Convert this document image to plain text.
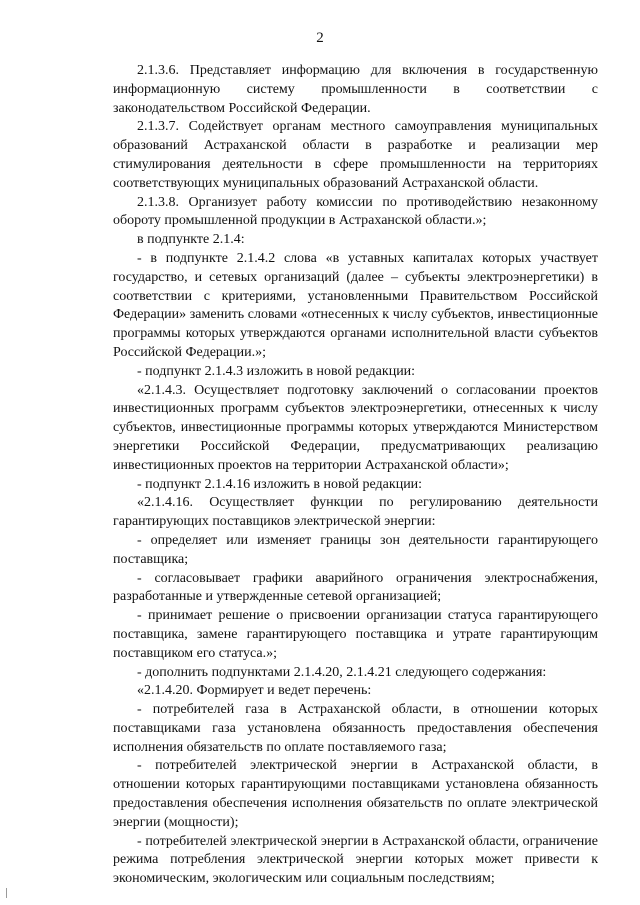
2

2.1.3.6. Представляет информацию для включения в государственную информационную систему промышленности в соответствии с законодательством Российской Федерации.

2.1.3.7. Содействует органам местного самоуправления муниципальных образований Астраханской области в разработке и реализации мер стимулирования деятельности в сфере промышленности на территориях соответствующих муниципальных образований Астраханской области.

2.1.3.8. Организует работу комиссии по противодействию незаконному обороту промышленной продукции в Астраханской области.»;

в подпункте 2.1.4:

- в подпункте 2.1.4.2 слова «в уставных капиталах которых участвует государство, и сетевых организаций (далее – субъекты электроэнергетики) в соответствии с критериями, установленными Правительством Российской Федерации» заменить словами «отнесенных к числу субъектов, инвестиционные программы которых утверждаются органами исполнительной власти субъектов Российской Федерации.»;

- подпункт 2.1.4.3 изложить в новой редакции:

«2.1.4.3. Осуществляет подготовку заключений о согласовании проектов инвестиционных программ субъектов электроэнергетики, отнесенных к числу субъектов, инвестиционные программы которых утверждаются Министерством энергетики Российской Федерации, предусматривающих реализацию инвестиционных проектов на территории Астраханской области»;

- подпункт 2.1.4.16 изложить в новой редакции:

«2.1.4.16. Осуществляет функции по регулированию деятельности гарантирующих поставщиков электрической энергии:

- определяет или изменяет границы зон деятельности гарантирующего поставщика;

- согласовывает графики аварийного ограничения электроснабжения, разработанные и утвержденные сетевой организацией;

- принимает решение о присвоении организации статуса гарантирующего поставщика, замене гарантирующего поставщика и утрате гарантирующим поставщиком его статуса.»;

- дополнить подпунктами 2.1.4.20, 2.1.4.21 следующего содержания:

«2.1.4.20. Формирует и ведет перечень:

- потребителей газа в Астраханской области, в отношении которых поставщиками газа установлена обязанность предоставления обеспечения исполнения обязательств по оплате поставляемого газа;

- потребителей электрической энергии в Астраханской области, в отношении которых гарантирующими поставщиками установлена обязанность предоставления обеспечения исполнения обязательств по оплате электрической энергии (мощности);

- потребителей электрической энергии в Астраханской области, ограничение режима потребления электрической энергии которых может привести к экономическим, экологическим или социальным последствиям;
